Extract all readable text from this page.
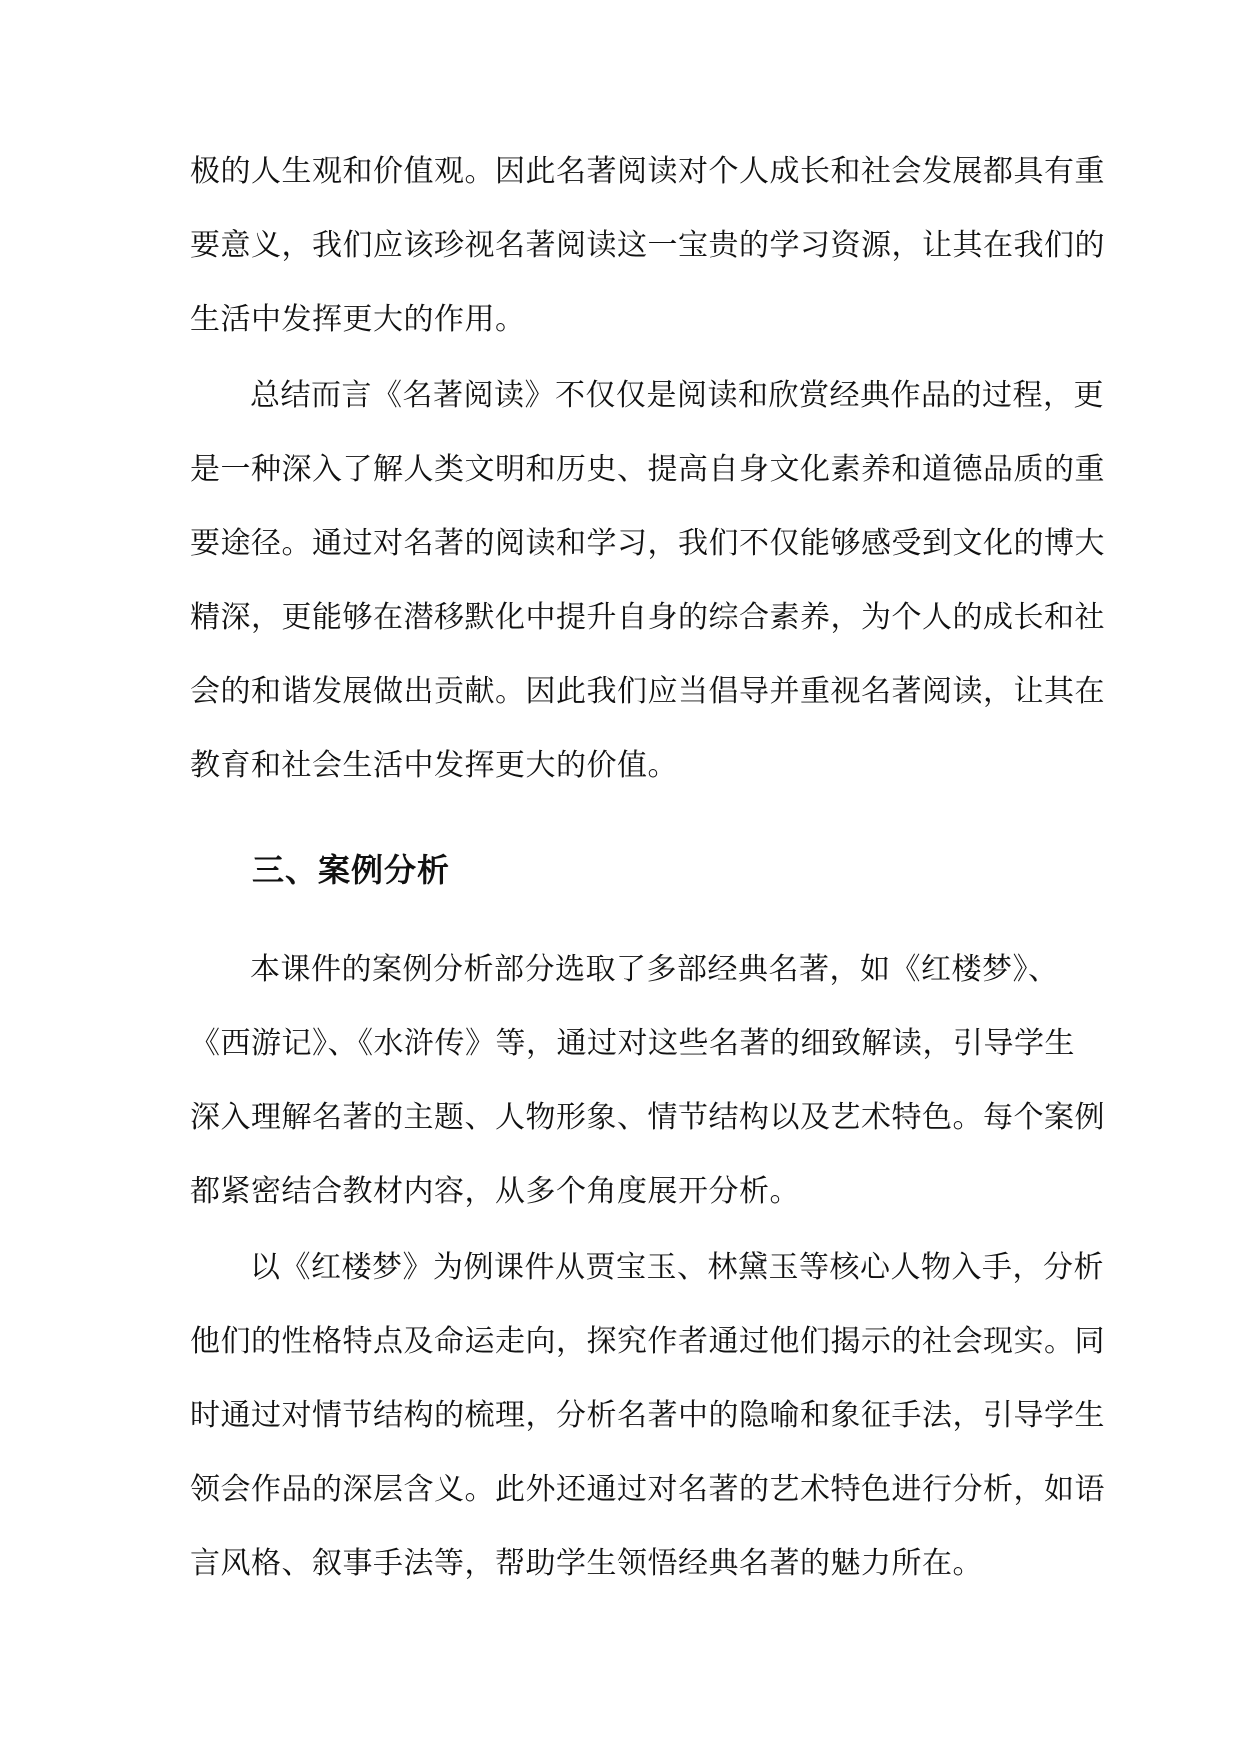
极的人生观和价值观。因此名著阅读对个人成长和社会发展都具有重
要意义，我们应该珍视名著阅读这一宝贵的学习资源，让其在我们的
生活中发挥更大的作用。
总结而言《名著阅读》不仅仅是阅读和欣赏经典作品的过程，更
是一种深入了解人类文明和历史、提高自身文化素养和道德品质的重
要途径。通过对名著的阅读和学习，我们不仅能够感受到文化的博大
精深，更能够在潜移默化中提升自身的综合素养，为个人的成长和社
会的和谐发展做出贡献。因此我们应当倡导并重视名著阅读，让其在
教育和社会生活中发挥更大的价值。
三、案例分析
本课件的案例分析部分选取了多部经典名著，如《红楼梦》、
《西游记》、《水浒传》等，通过对这些名著的细致解读，引导学生
深入理解名著的主题、人物形象、情节结构以及艺术特色。每个案例
都紧密结合教材内容，从多个角度展开分析。
以《红楼梦》为例课件从贾宝玉、林黛玉等核心人物入手，分析
他们的性格特点及命运走向，探究作者通过他们揭示的社会现实。同
时通过对情节结构的梳理，分析名著中的隐喻和象征手法，引导学生
领会作品的深层含义。此外还通过对名著的艺术特色进行分析，如语
言风格、叙事手法等，帮助学生领悟经典名著的魅力所在。
